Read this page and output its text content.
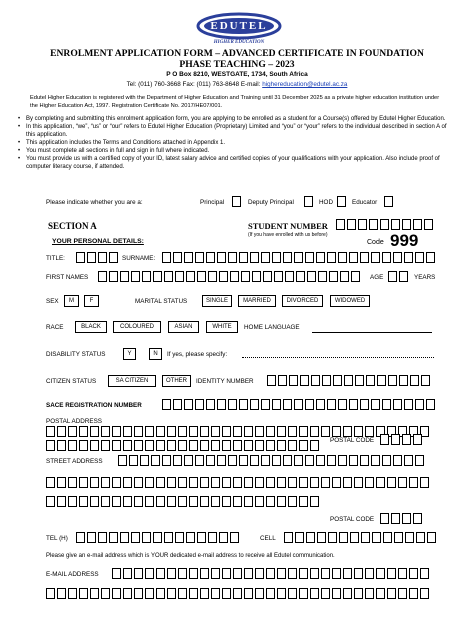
EDUTEL
HIGHER EDUCATION
ENROLMENT APPLICATION FORM – ADVANCED CERTIFICATE IN FOUNDATION
PHASE TEACHING – 2023
P O Box 8210, WESTGATE, 1734, South Africa
Tel: (011) 760-3668 Fax: (011) 763-8648 E-mail: highereducation@edutel.ac.za
Edutel Higher Education is registered with the Department of Higher Education and Training until 31 December 2025 as a private higher education institution under the Higher Education Act, 1997. Registration Certificate No. 2017/HE07/001.
• By completing and submitting this enrolment application form, you are applying to be enrolled as a student for a Course(s) offered by Edutel Higher Education.
• In this application, “we”, “us” or “our” refers to Edutel Higher Education (Proprietary) Limited and “you” or “your” refers to the individual described in section A of this application.
• This application includes the Terms and Conditions attached in Appendix 1.
• You must complete all sections in full and sign in full where indicated.
• You must provide us with a certified copy of your ID, latest salary advice and certified copies of your qualifications with your application. Also include proof of computer literacy course, if attended.
Please indicate whether you are a:	Principal	Deputy Principal	HOD	Educator
SECTION A	STUDENT NUMBER
(If you have enrolled with us before)
YOUR PERSONAL DETAILS:	Code 999
TITLE:	SURNAME:
FIRST NAMES	AGE	YEARS
SEX	M	F	MARITAL STATUS	SINGLE	MARRIED	DIVORCED	WIDOWED
RACE	BLACK	COLOURED	ASIAN	WHITE	HOME LANGUAGE
DISABILITY STATUS	Y	N	If yes, please specify:
CITIZEN STATUS	SA CITIZEN	OTHER	IDENTITY NUMBER
SACE REGISTRATION NUMBER
POSTAL ADDRESS
POSTAL CODE
STREET ADDRESS
POSTAL CODE
TEL (H)	CELL
Please give an e-mail address which is YOUR dedicated e-mail address to receive all Edutel communication.
E-MAIL ADDRESS
